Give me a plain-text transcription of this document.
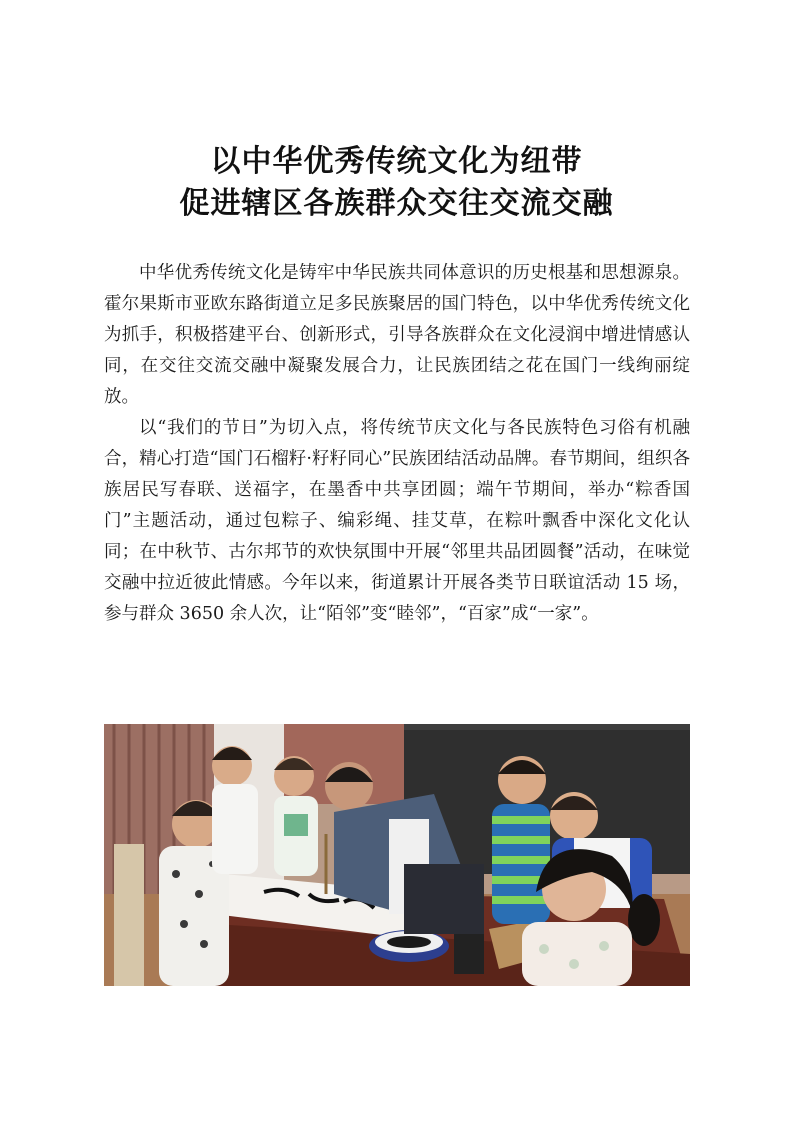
以中华优秀传统文化为纽带
促进辖区各族群众交往交流交融

中华优秀传统文化是铸牢中华民族共同体意识的历史根基和思想源泉。霍尔果斯市亚欧东路街道立足多民族聚居的国门特色，以中华优秀传统文化为抓手，积极搭建平台、创新形式，引导各族群众在文化浸润中增进情感认同，在交往交流交融中凝聚发展合力，让民族团结之花在国门一线绚丽绽放。

以“我们的节日”为切入点，将传统节庆文化与各民族特色习俗有机融合，精心打造“国门石榴籽·籽籽同心”民族团结活动品牌。春节期间，组织各族居民写春联、送福字，在墨香中共享团圆；端午节期间，举办“粽香国门”主题活动，通过包粽子、编彩绳、挂艾草，在粽叶飘香中深化文化认同；在中秋节、古尔邦节的欢快氛围中开展“邻里共品团圆餐”活动，在味觉交融中拉近彼此情感。今年以来，街道累计开展各类节日联谊活动 15 场，参与群众 3650 余人次，让“陌邻”变“睦邻”，“百家”成“一家”。
